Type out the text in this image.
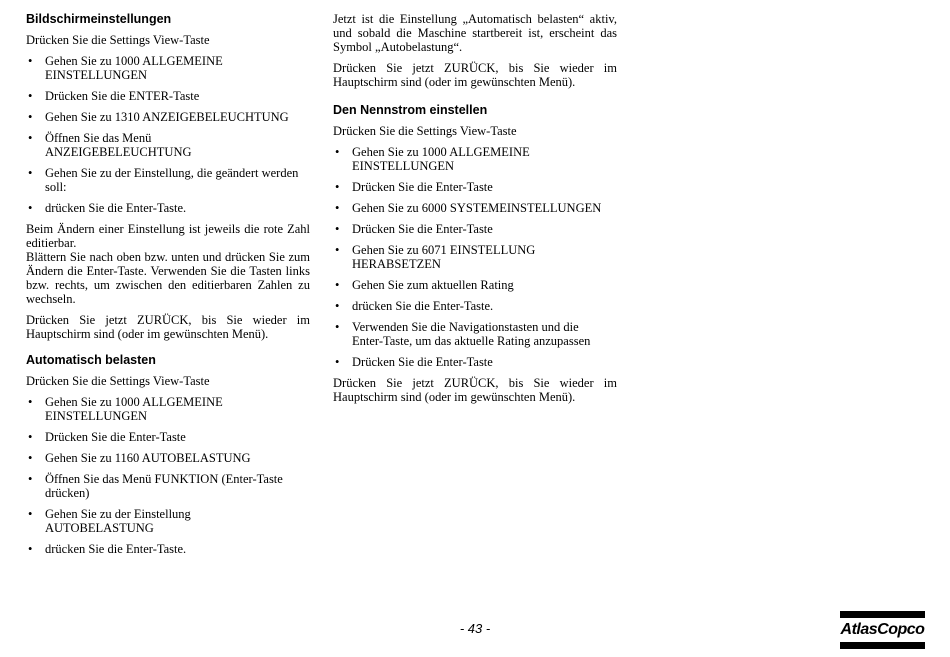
Bildschirmeinstellungen
Drücken Sie die Settings View-Taste
• Gehen Sie zu 1000 ALLGEMEINE
EINSTELLUNGEN
• Drücken Sie die ENTER-Taste
• Gehen Sie zu 1310 ANZEIGEBELEUCHTUNG
• Öffnen Sie das Menü
ANZEIGEBELEUCHTUNG
• Gehen Sie zu der Einstellung, die geändert werden
soll:
• drücken Sie die Enter-Taste.
Beim Ändern einer Einstellung ist jeweils die rote Zahl editierbar.
Blättern Sie nach oben bzw. unten und drücken Sie zum Ändern die Enter-Taste. Verwenden Sie die Tasten links bzw. rechts, um zwischen den editierbaren Zahlen zu wechseln.
Drücken Sie jetzt ZURÜCK, bis Sie wieder im Hauptschirm sind (oder im gewünschten Menü).
Automatisch belasten
Drücken Sie die Settings View-Taste
• Gehen Sie zu 1000 ALLGEMEINE
EINSTELLUNGEN
• Drücken Sie die Enter-Taste
• Gehen Sie zu 1160 AUTOBELASTUNG
• Öffnen Sie das Menü FUNKTION (Enter-Taste
drücken)
• Gehen Sie zu der Einstellung
AUTOBELASTUNG
• drücken Sie die Enter-Taste.
Jetzt ist die Einstellung „Automatisch belasten“ aktiv, und sobald die Maschine startbereit ist, erscheint das Symbol „Autobelastung“.
Drücken Sie jetzt ZURÜCK, bis Sie wieder im Hauptschirm sind (oder im gewünschten Menü).
Den Nennstrom einstellen
Drücken Sie die Settings View-Taste
• Gehen Sie zu 1000 ALLGEMEINE
EINSTELLUNGEN
• Drücken Sie die Enter-Taste
• Gehen Sie zu 6000 SYSTEMEINSTELLUNGEN
• Drücken Sie die Enter-Taste
• Gehen Sie zu 6071 EINSTELLUNG
HERABSETZEN
• Gehen Sie zum aktuellen Rating
• drücken Sie die Enter-Taste.
• Verwenden Sie die Navigationstasten und die
Enter-Taste, um das aktuelle Rating anzupassen
• Drücken Sie die Enter-Taste
Drücken Sie jetzt ZURÜCK, bis Sie wieder im Hauptschirm sind (oder im gewünschten Menü).
- 43 -	AtlasCopco
